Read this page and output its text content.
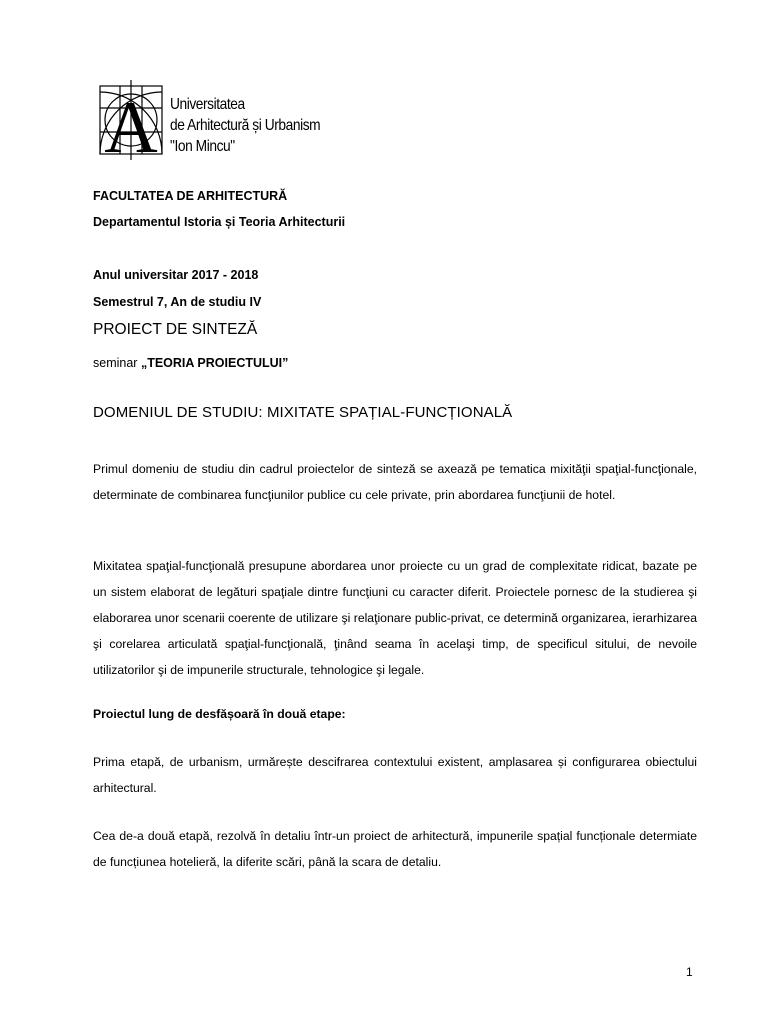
A Universitatea
de Arhitectură și Urbanism
"Ion Mincu"
FACULTATEA DE ARHITECTURĂ
Departamentul Istoria și Teoria Arhitecturii
Anul universitar 2017 - 2018
Semestrul 7, An de studiu IV
PROIECT DE SINTEZĂ
seminar „TEORIA PROIECTULUI”
DOMENIUL DE STUDIU: MIXITATE SPAȚIAL-FUNCȚIONALĂ

Primul domeniu de studiu din cadrul proiectelor de sinteză se axează pe tematica mixităţii spaţial-funcţionale, determinate de combinarea funcţiunilor publice cu cele private, prin abordarea funcţiunii de hotel.

Mixitatea spaţial-funcţională presupune abordarea unor proiecte cu un grad de complexitate ridicat, bazate pe un sistem elaborat de legături spaţiale dintre funcţiuni cu caracter diferit. Proiectele pornesc de la studierea şi elaborarea unor scenarii coerente de utilizare şi relaţionare public-privat, ce determină organizarea, ierarhizarea şi corelarea articulată spaţial-funcţională, ţinând seama în acelaşi timp, de specificul sitului, de nevoile utilizatorilor şi de impunerile structurale, tehnologice şi legale.

Proiectul lung de desfășoară în două etape:

Prima etapă, de urbanism, urmărește descifrarea contextului existent, amplasarea și configurarea obiectului arhitectural.

Cea de-a două etapă, rezolvă în detaliu într-un proiect de arhitectură, impunerile spațial funcționale determiate de funcțiunea hotelieră, la diferite scări, până la scara de detaliu.

1
